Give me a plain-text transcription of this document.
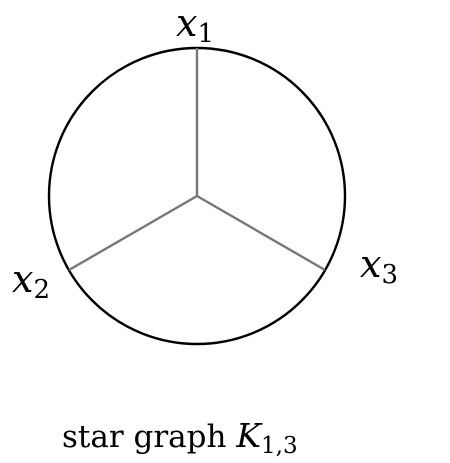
x1
x2
x3
star graph K1,3
